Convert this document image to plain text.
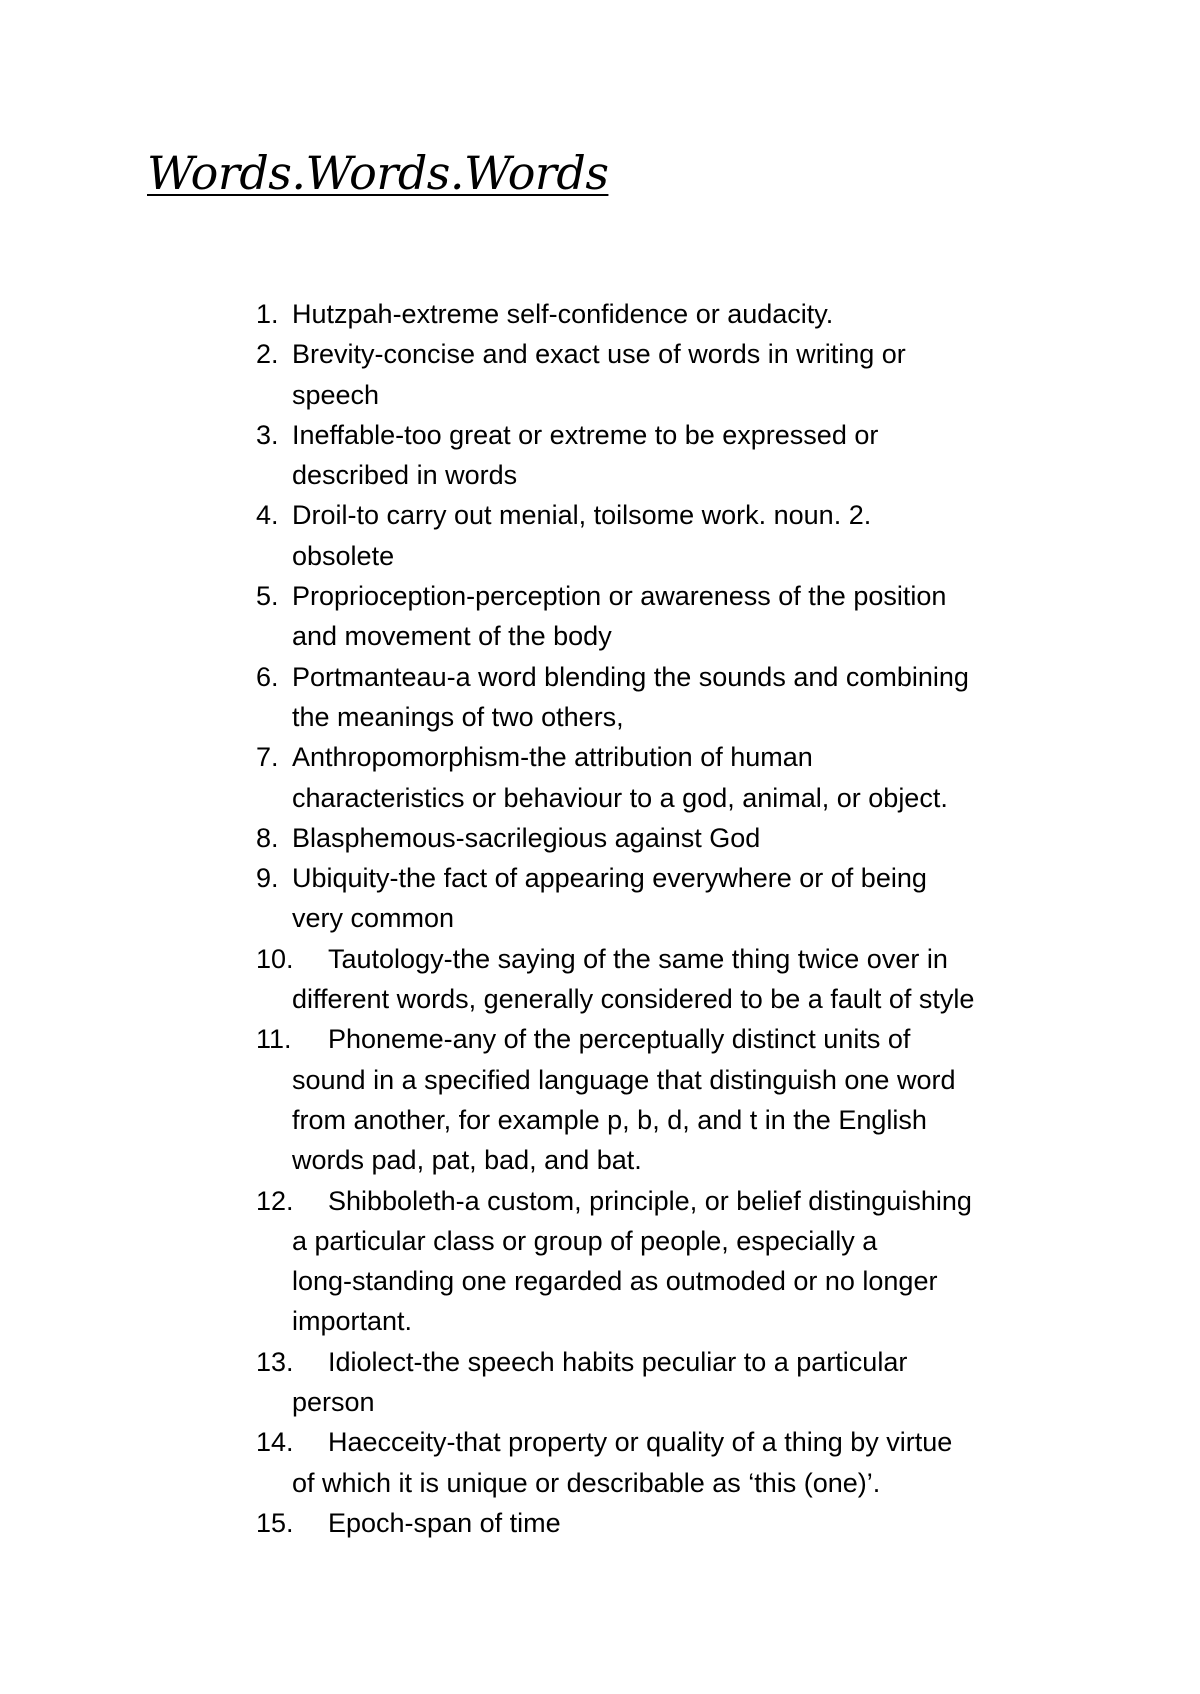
Words.Words.Words
1. Hutzpah-extreme self-confidence or audacity.
2. Brevity-concise and exact use of words in writing or
speech
3. Ineffable-too great or extreme to be expressed or
described in words
4. Droil-to carry out menial, toilsome work. noun. 2.
obsolete
5. Proprioception-perception or awareness of the position
and movement of the body
6. Portmanteau-a word blending the sounds and combining
the meanings of two others,
7. Anthropomorphism-the attribution of human
characteristics or behaviour to a god, animal, or object.
8. Blasphemous-sacrilegious against God
9. Ubiquity-the fact of appearing everywhere or of being
very common
10.	Tautology-the saying of the same thing twice over in
different words, generally considered to be a fault of style
11.	Phoneme-any of the perceptually distinct units of
sound in a specified language that distinguish one word
from another, for example p, b, d, and t in the English
words pad, pat, bad, and bat.
12.	Shibboleth-a custom, principle, or belief distinguishing
a particular class or group of people, especially a
long-standing one regarded as outmoded or no longer
important.
13.	Idiolect-the speech habits peculiar to a particular
person
14.	Haecceity-that property or quality of a thing by virtue
of which it is unique or describable as ‘this (one)’.
15.	Epoch-span of time
